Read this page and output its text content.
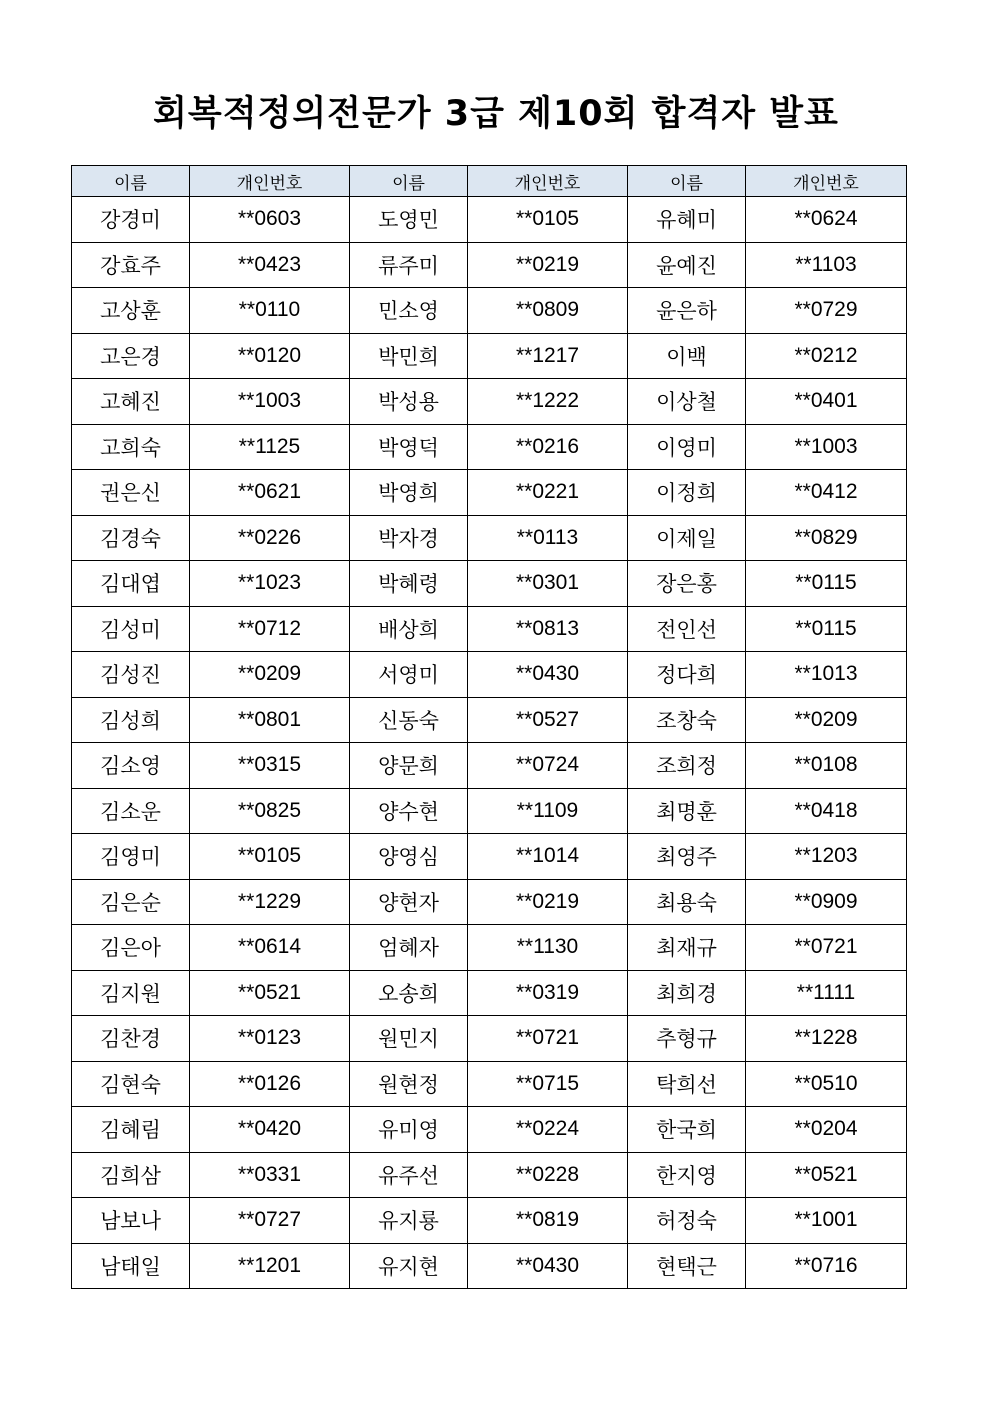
회복적정의전문가 3급 제10회 합격자 발표
이름	개인번호	이름	개인번호	이름	개인번호
강경미	**0603	도영민	**0105	유혜미	**0624
강효주	**0423	류주미	**0219	윤예진	**1103
고상훈	**0110	민소영	**0809	윤은하	**0729
고은경	**0120	박민희	**1217	이백	**0212
고혜진	**1003	박성용	**1222	이상철	**0401
고희숙	**1125	박영덕	**0216	이영미	**1003
권은신	**0621	박영희	**0221	이정희	**0412
김경숙	**0226	박자경	**0113	이제일	**0829
김대엽	**1023	박혜령	**0301	장은홍	**0115
김성미	**0712	배상희	**0813	전인선	**0115
김성진	**0209	서영미	**0430	정다희	**1013
김성희	**0801	신동숙	**0527	조창숙	**0209
김소영	**0315	양문희	**0724	조희정	**0108
김소운	**0825	양수현	**1109	최명훈	**0418
김영미	**0105	양영심	**1014	최영주	**1203
김은순	**1229	양현자	**0219	최용숙	**0909
김은아	**0614	엄혜자	**1130	최재규	**0721
김지원	**0521	오송희	**0319	최희경	**1111
김찬경	**0123	원민지	**0721	추형규	**1228
김현숙	**0126	원현정	**0715	탁희선	**0510
김혜림	**0420	유미영	**0224	한국희	**0204
김희삼	**0331	유주선	**0228	한지영	**0521
남보나	**0727	유지룡	**0819	허정숙	**1001
남태일	**1201	유지현	**0430	현택근	**0716
